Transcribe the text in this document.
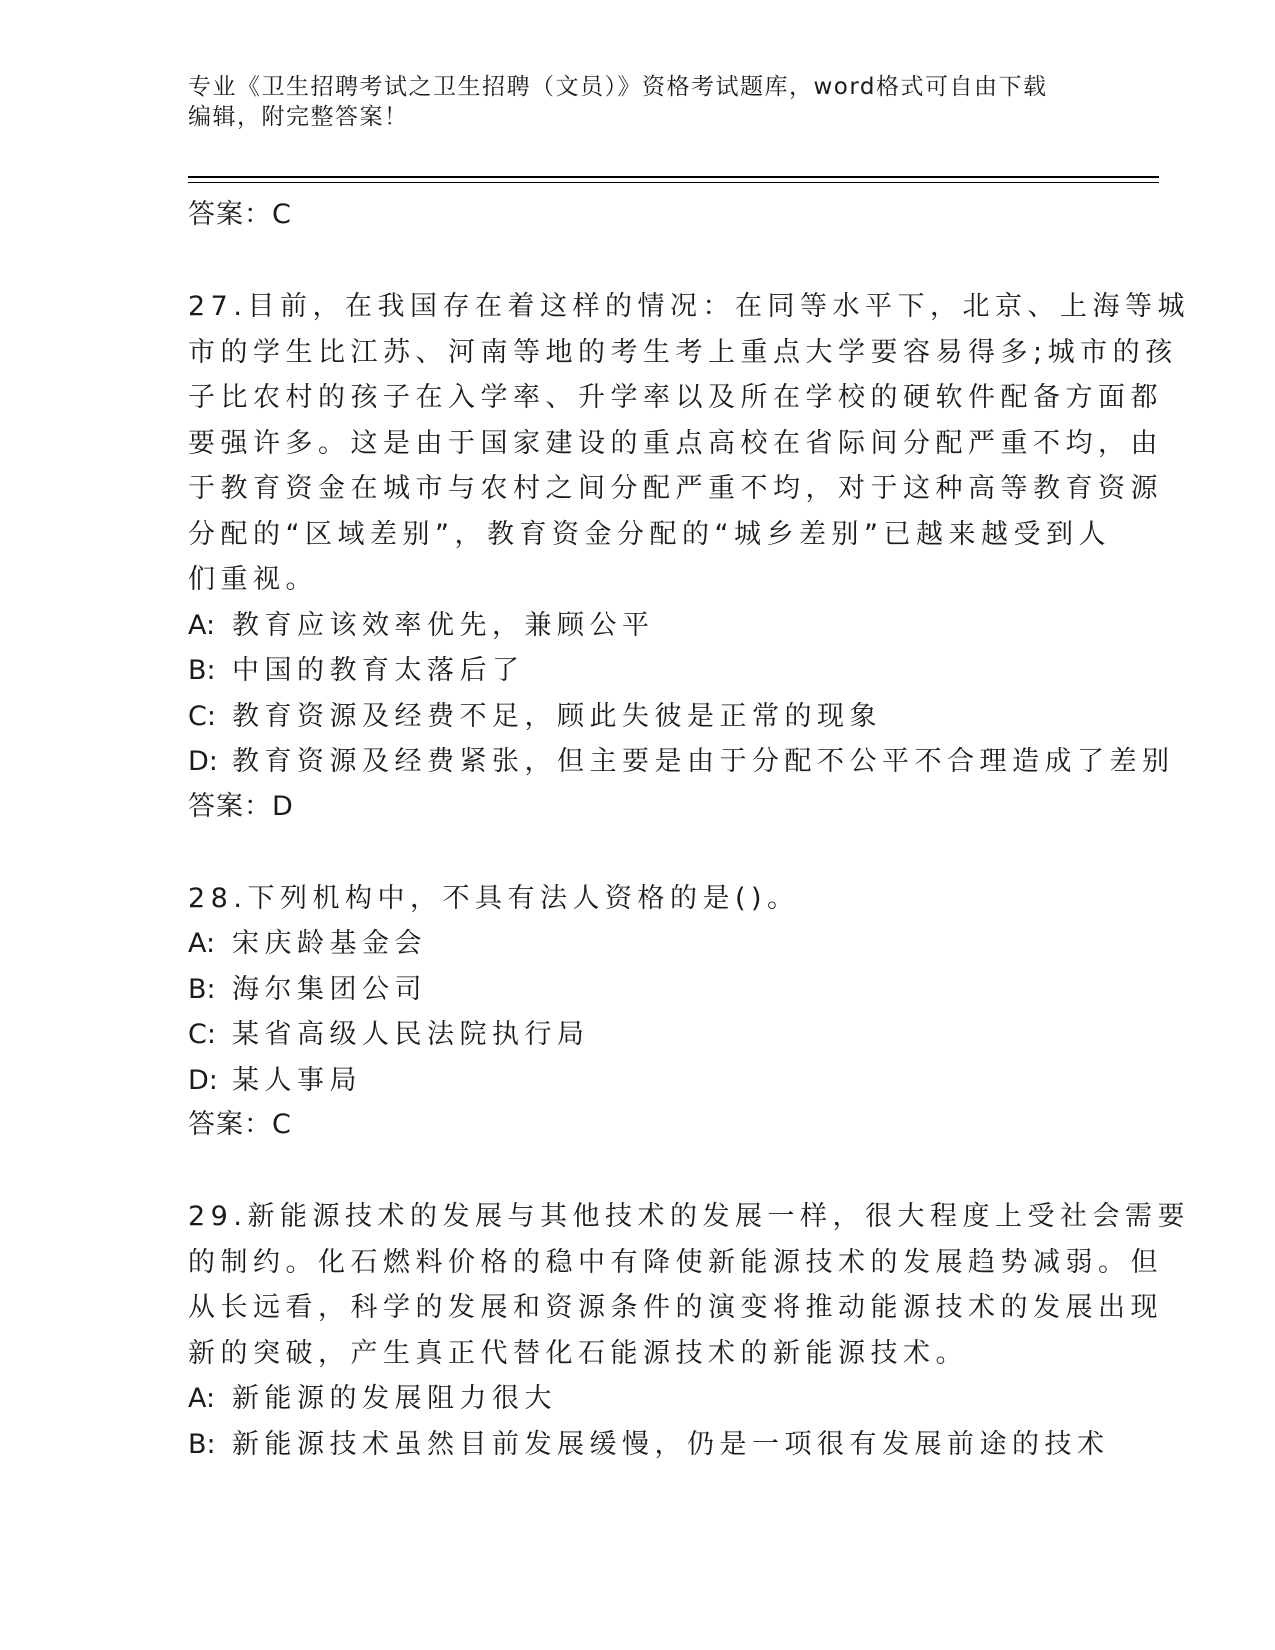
专业《卫生招聘考试之卫生招聘（文员）》资格考试题库，word格式可自由下载
编辑，附完整答案！
答案：C
27.目前，在我国存在着这样的情况：在同等水平下，北京、上海等城
市的学生比江苏、河南等地的考生考上重点大学要容易得多;城市的孩
子比农村的孩子在入学率、升学率以及所在学校的硬软件配备方面都
要强许多。这是由于国家建设的重点高校在省际间分配严重不均，由
于教育资金在城市与农村之间分配严重不均，对于这种高等教育资源
分配的“区域差别”，教育资金分配的“城乡差别”已越来越受到人
们重视。
A: 教育应该效率优先，兼顾公平
B: 中国的教育太落后了
C: 教育资源及经费不足，顾此失彼是正常的现象
D: 教育资源及经费紧张，但主要是由于分配不公平不合理造成了差别
答案：D
28.下列机构中，不具有法人资格的是()。
A: 宋庆龄基金会
B: 海尔集团公司
C: 某省高级人民法院执行局
D: 某人事局
答案：C
29.新能源技术的发展与其他技术的发展一样，很大程度上受社会需要
的制约。化石燃料价格的稳中有降使新能源技术的发展趋势减弱。但
从长远看，科学的发展和资源条件的演变将推动能源技术的发展出现
新的突破，产生真正代替化石能源技术的新能源技术。
A: 新能源的发展阻力很大
B: 新能源技术虽然目前发展缓慢，仍是一项很有发展前途的技术
